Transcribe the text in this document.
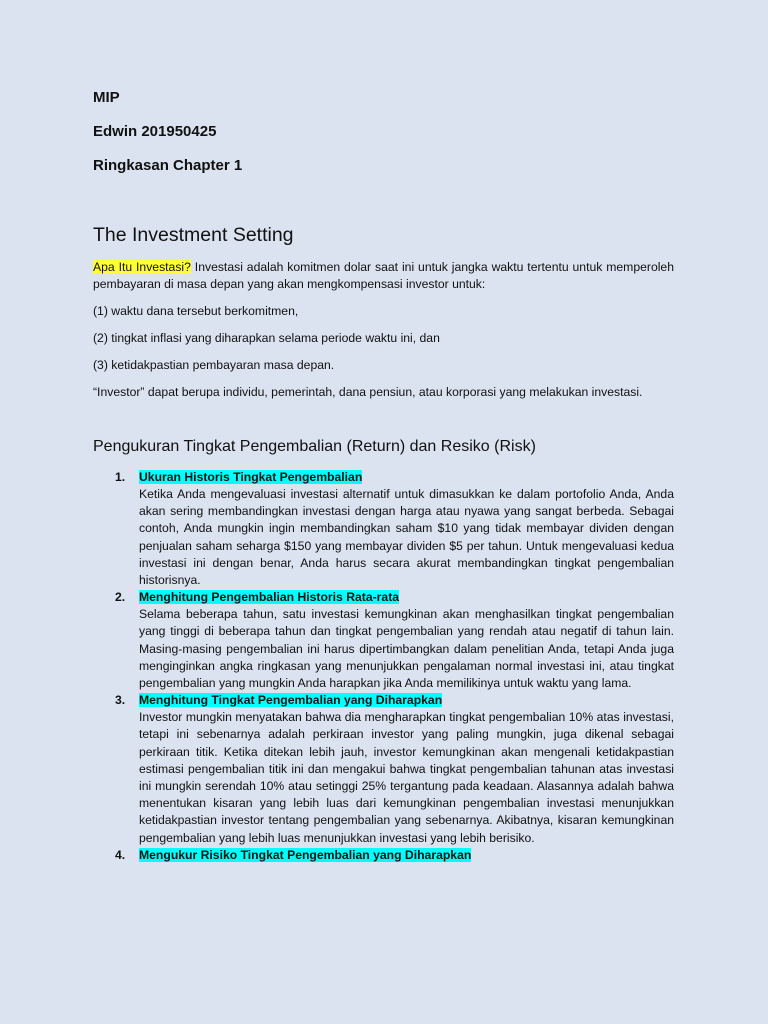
MIP

Edwin 201950425

Ringkasan Chapter 1

The Investment Setting

Apa Itu Investasi? Investasi adalah komitmen dolar saat ini untuk jangka waktu tertentu untuk memperoleh pembayaran di masa depan yang akan mengkompensasi investor untuk:

(1) waktu dana tersebut berkomitmen,

(2) tingkat inflasi yang diharapkan selama periode waktu ini, dan

(3) ketidakpastian pembayaran masa depan.

“Investor” dapat berupa individu, pemerintah, dana pensiun, atau korporasi yang melakukan investasi.

Pengukuran Tingkat Pengembalian (Return) dan Resiko (Risk)
1. Ukuran Historis Tingkat Pengembalian

Ketika Anda mengevaluasi investasi alternatif untuk dimasukkan ke dalam portofolio Anda, Anda akan sering membandingkan investasi dengan harga atau nyawa yang sangat berbeda. Sebagai contoh, Anda mungkin ingin membandingkan saham $10 yang tidak membayar dividen dengan penjualan saham seharga $150 yang membayar dividen $5 per tahun. Untuk mengevaluasi kedua investasi ini dengan benar, Anda harus secara akurat membandingkan tingkat pengembalian historisnya.

2. Menghitung Pengembalian Historis Rata-rata

Selama beberapa tahun, satu investasi kemungkinan akan menghasilkan tingkat pengembalian yang tinggi di beberapa tahun dan tingkat pengembalian yang rendah atau negatif di tahun lain. Masing-masing pengembalian ini harus dipertimbangkan dalam penelitian Anda, tetapi Anda juga menginginkan angka ringkasan yang menunjukkan pengalaman normal investasi ini, atau tingkat pengembalian yang mungkin Anda harapkan jika Anda memilikinya untuk waktu yang lama.

3. Menghitung Tingkat Pengembalian yang Diharapkan

Investor mungkin menyatakan bahwa dia mengharapkan tingkat pengembalian 10% atas investasi, tetapi ini sebenarnya adalah perkiraan investor yang paling mungkin, juga dikenal sebagai perkiraan titik. Ketika ditekan lebih jauh, investor kemungkinan akan mengenali ketidakpastian estimasi pengembalian titik ini dan mengakui bahwa tingkat pengembalian tahunan atas investasi ini mungkin serendah 10% atau setinggi 25% tergantung pada keadaan. Alasannya adalah bahwa menentukan kisaran yang lebih luas dari kemungkinan pengembalian investasi menunjukkan ketidakpastian investor tentang pengembalian yang sebenarnya. Akibatnya, kisaran kemungkinan pengembalian yang lebih luas menunjukkan investasi yang lebih berisiko.

4. Mengukur Risiko Tingkat Pengembalian yang Diharapkan
